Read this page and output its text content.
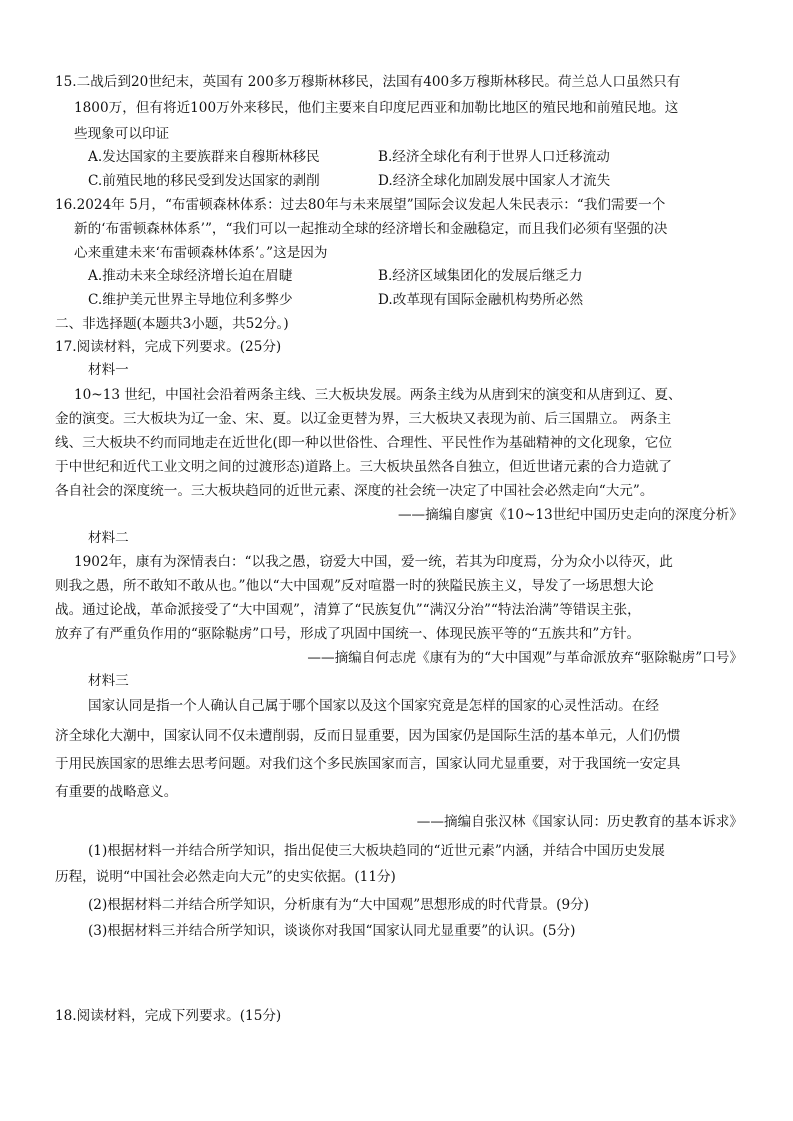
15.二战后到20世纪末，英国有 200多万穆斯林移民，法国有400多万穆斯林移民。荷兰总人口虽然只有
1800万，但有将近100万外来移民，他们主要来自印度尼西亚和加勒比地区的殖民地和前殖民地。这
些现象可以印证
A.发达国家的主要族群来自穆斯林移民	B.经济全球化有利于世界人口迁移流动
C.前殖民地的移民受到发达国家的剥削	D.经济全球化加剧发展中国家人才流失
16.2024年 5月，“布雷顿森林体系：过去80年与未来展望”国际会议发起人朱民表示：“我们需要一个
新的‘布雷顿森林体系’”，“我们可以一起推动全球的经济增长和金融稳定，而且我们必须有坚强的决
心来重建未来‘布雷顿森林体系’。”这是因为
A.推动未来全球经济增长迫在眉睫	B.经济区域集团化的发展后继乏力
C.维护美元世界主导地位利多弊少	D.改革现有国际金融机构势所必然
二、非选择题(本题共3小题，共52分。)
17.阅读材料，完成下列要求。(25分)
材料一
10~13 世纪，中国社会沿着两条主线、三大板块发展。两条主线为从唐到宋的演变和从唐到辽、夏、
金的演变。三大板块为辽一金、宋、夏。以辽金更替为界，三大板块又表现为前、后三国鼎立。 两条主
线、三大板块不约而同地走在近世化(即一种以世俗性、合理性、平民性作为基础精神的文化现象，它位
于中世纪和近代工业文明之间的过渡形态)道路上。三大板块虽然各自独立，但近世诸元素的合力造就了
各自社会的深度统一。三大板块趋同的近世元素、深度的社会统一决定了中国社会必然走向“大元”。
——摘编自廖寅《10~13世纪中国历史走向的深度分析》
材料二
1902年，康有为深情表白：“以我之愚，窃爱大中国，爱一统，若其为印度焉，分为众小以待灭，此
则我之愚，所不敢知不敢从也。”他以“大中国观”反对喧嚣一时的狭隘民族主义，导发了一场思想大论
战。通过论战，革命派接受了“大中国观”，清算了“民族复仇”“满汉分治”“特法治满”等错误主张，
放弃了有严重负作用的“驱除鞑虏”口号，形成了巩固中国统一、体现民族平等的“五族共和”方针。
——摘编自何志虎《康有为的“大中国观”与革命派放弃“驱除鞑虏”口号》
材料三
国家认同是指一个人确认自己属于哪个国家以及这个国家究竟是怎样的国家的心灵性活动。在经
济全球化大潮中，国家认同不仅未遭削弱，反而日显重要，因为国家仍是国际生活的基本单元，人们仍惯
于用民族国家的思维去思考问题。对我们这个多民族国家而言，国家认同尤显重要，对于我国统一安定具
有重要的战略意义。
——摘编自张汉林《国家认同：历史教育的基本诉求》
(1)根据材料一并结合所学知识，指出促使三大板块趋同的“近世元素”内涵，并结合中国历史发展
历程，说明“中国社会必然走向大元”的史实依据。(11分)
(2)根据材料二并结合所学知识，分析康有为“大中国观”思想形成的时代背景。(9分)
(3)根据材料三并结合所学知识，谈谈你对我国“国家认同尤显重要”的认识。(5分)
18.阅读材料，完成下列要求。(15分)
